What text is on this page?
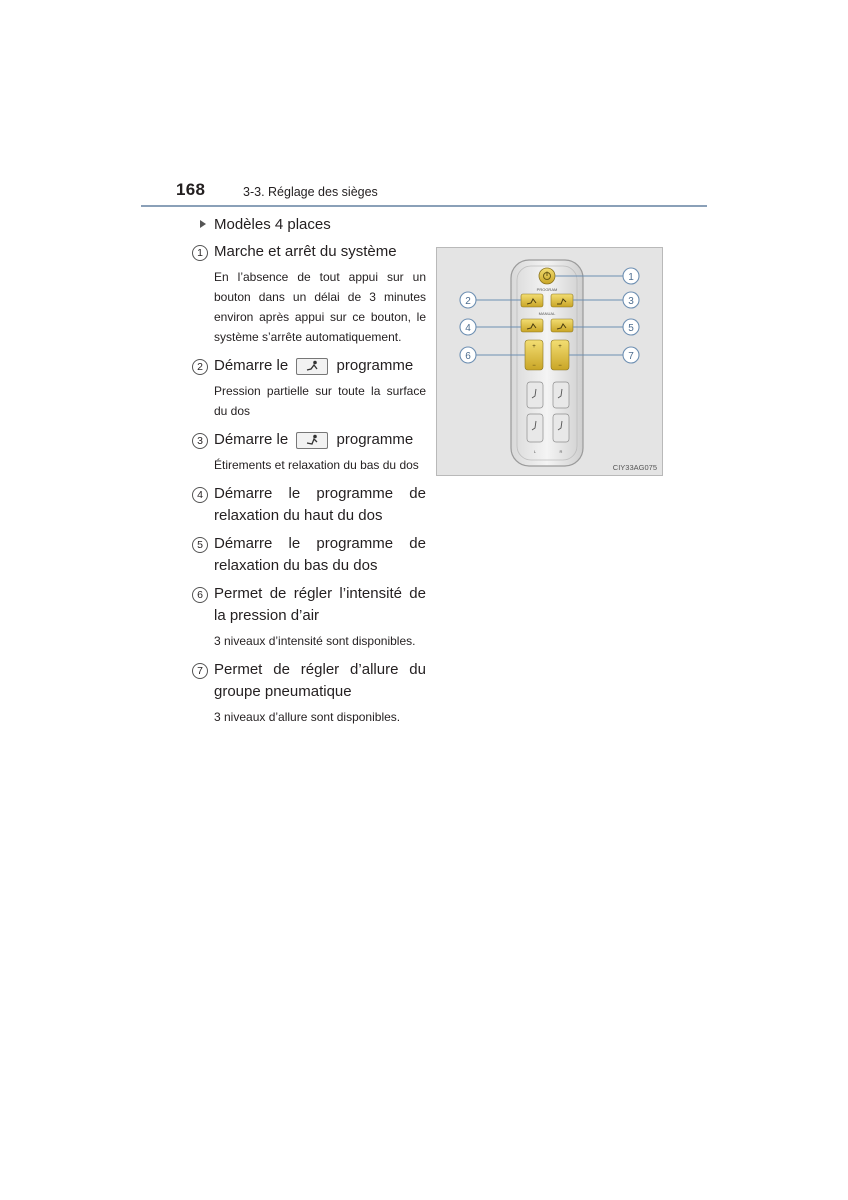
168	3-3. Réglage des sièges
Modèles 4 places
1 Marche et arrêt du système
En l’absence de tout appui sur un bouton dans un délai de 3 minutes environ après appui sur ce bouton, le système s’arrête automatiquement.
2 Démarre le	programme
Pression partielle sur toute la surface du dos
3 Démarre le	programme
Étirements et relaxation du bas du dos
4 Démarre le programme de relaxation du haut du dos
5 Démarre le programme de relaxation du bas du dos
6 Permet de régler l’intensité de la pression d’air
3 niveaux d’intensité sont disponibles.
7 Permet de régler d’allure du groupe pneumatique
3 niveaux d’allure sont disponibles.
PROGRAM
MANUAL
+
−
+
−
L	R
1
2	3
4	5
6	7
CIY33AG075
